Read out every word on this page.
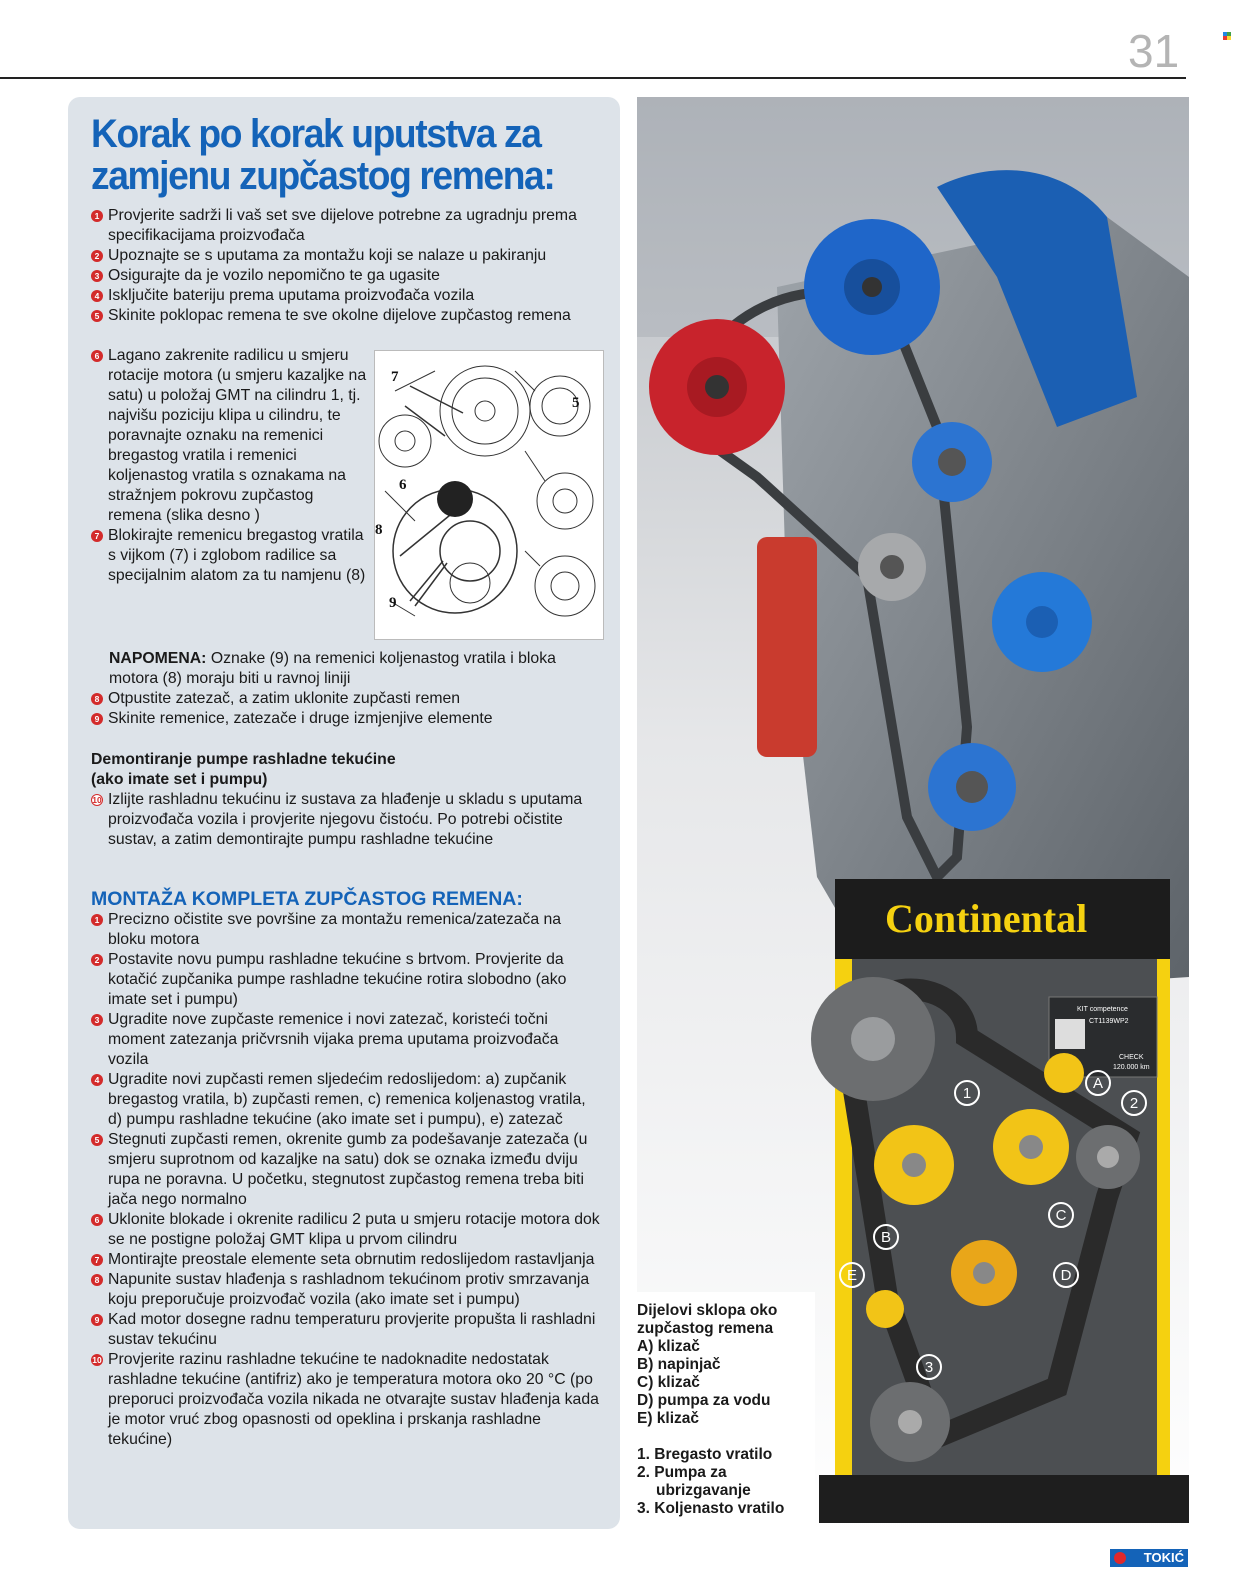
31
Korak po korak uputstva za zamjenu zupčastog remena:
1 Provjerite sadrži li vaš set sve dijelove potrebne za ugradnju prema specifikacijama proizvođača
2 Upoznajte se s uputama za montažu koji se nalaze u pakiranju
3 Osigurajte da je vozilo nepomično te ga ugasite
4 Isključite bateriju prema uputama proizvođača vozila
5 Skinite poklopac remena te sve okolne dijelove zupčastog remena
6 Lagano zakrenite radilicu u smjeru rotacije motora (u smjeru kazaljke na satu) u položaj GMT na cilindru 1, tj. najvišu poziciju klipa u cilindru, te poravnajte oznaku na remenici bregastog vratila i remenici koljenastog vratila s oznakama na stražnjem pokrovu zupčastog remena (slika desno )
7 Blokirajte remenicu bregastog vratila s vijkom (7) i zglobom radilice sa specijalnim alatom za tu namjenu (8)

NAPOMENA: Oznake (9) na remenici koljenastog vratila i bloka motora (8) moraju biti u ravnoj liniji

8 Otpustite zatezač, a zatim uklonite zupčasti remen
9 Skinite remenice, zatezače i druge izmjenjive elemente

Demontiranje pumpe rashladne tekućine (ako imate set i pumpu)

10 Izlijte rashladnu tekućinu iz sustava za hlađenje u skladu s uputama proizvođača vozila i provjerite njegovu čistoću. Po potrebi očistite sustav, a zatim demontirajte pumpu rashladne tekućine
MONTAŽA KOMPLETA ZUPČASTOG REMENA:
1 Precizno očistite sve površine za montažu remenica/zatezača na bloku motora
2 Postavite novu pumpu rashladne tekućine s brtvom. Provjerite da kotačić zupčanika pumpe rashladne tekućine rotira slobodno (ako imate set i pumpu)
3 Ugradite nove zupčaste remenice i novi zatezač, koristeći točni moment zatezanja pričvrsnih vijaka prema uputama proizvođača vozila
4 Ugradite novi zupčasti remen sljedećim redoslijedom: a) zupčanik bregastog vratila, b) zupčasti remen, c) remenica koljenastog vratila, d) pumpu rashladne tekućine (ako imate set i pumpu), e) zatezač
5 Stegnuti zupčasti remen, okrenite gumb za podešavanje zatezača (u smjeru suprotnom od kazaljke na satu) dok se oznaka između dviju rupa ne poravna. U početku, stegnutost zupčastog remena treba biti jača nego normalno
6 Uklonite blokade i okrenite radilicu 2 puta u smjeru rotacije motora dok se ne postigne položaj GMT klipa u prvom cilindru
7 Montirajte preostale elemente seta obrnutim redoslijedom rastavljanja
8 Napunite sustav hlađenja s rashladnom tekućinom protiv smrzavanja koju preporučuje proizvođač vozila (ako imate set i pumpu)
9 Kad motor dosegne radnu temperaturu provjerite propušta li rashladni sustav tekućinu
10 Provjerite razinu rashladne tekućine te nadoknadite nedostatak rashladne tekućine (antifriz) ako je temperatura motora oko 20 °C (po preporuci proizvođača vozila nikada ne otvarajte sustav hlađenja kada je motor vruć zbog opasnosti od opeklina i prskanja rashladne tekućine)
7
5
6
8
9
Continental
KIT competence
CT1139WP2
CHECK
120.000 km
1
2
3
A
B
C
D
E

Dijelovi sklopa oko zupčastog remena

A) klizač

B) napinjač

C) klizač

D) pumpa za vodu

E) klizač

1. Bregasto vratilo

2. Pumpa za ubrizgavanje

3. Koljenasto vratilo

TOKIĆ
